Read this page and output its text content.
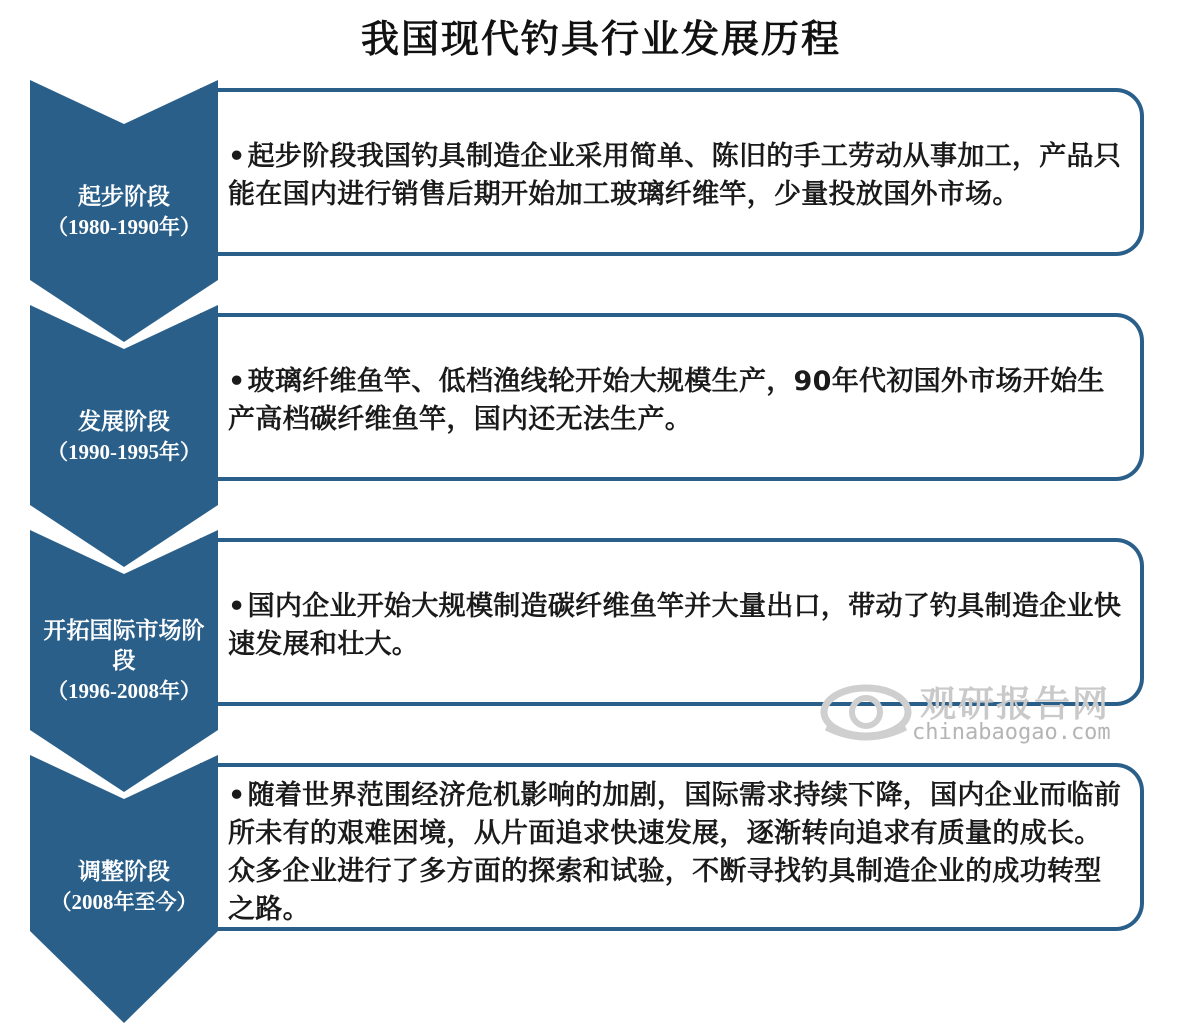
我国现代钓具行业发展历程
•起步阶段我国钓具制造企业采用简单、陈旧的手工劳动从事加工，产品只能在国内进行销售后期开始加工玻璃纤维竿，少量投放国外市场。
起步阶段
（1980-1990年）
•玻璃纤维鱼竿、低档渔线轮开始大规模生产，90年代初国外市场开始生产高档碳纤维鱼竿，国内还无法生产。
发展阶段
（1990-1995年）
•国内企业开始大规模制造碳纤维鱼竿并大量出口，带动了钓具制造企业快速发展和壮大。
开拓国际市场阶段
（1996-2008年）
•随着世界范围经济危机影响的加剧，国际需求持续下降，国内企业而临前所未有的艰难困境，从片面追求快速发展，逐渐转向追求有质量的成长。众多企业进行了多方面的探索和试验，不断寻找钓具制造企业的成功转型之路。
调整阶段
（2008年至今）
观研报告网
chinabaogao.com
